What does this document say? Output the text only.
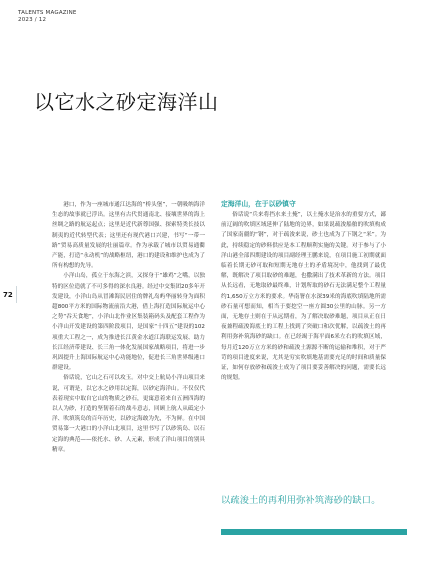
TALENTS MAGAZINE
2023 / 12
以它水之砂定海洋山
72

港口，作为一座城市通江达海的“桥头堡”，一朝吸纳海洋生态的故事就已浮出。这里有古代贯通南北、接壤世界的海上丝绸之路的航运起点；这里是近代新尊国强、探索特类长技以制夷的近代转型代表；这里还有现代港口兴建，书写“一带一路”贸易高质量发展的壮丽篇章。作为承载了城市以贸易通衢产能，打造“永动机”的战略枢纽，港口的建设和维护也成为了所有构想的先导。

小洋山岛，孤立于东海之滨，又探身于“雄鸡”之嘴，以独特的区位造就了不可多得的深水良港。经过中交集团20多年开发建设，小洋山岛从冒滩海民居住的牌礼岛屿华丽转身为面积超800平方米的国际物流前沿大港，借上海打造国际航运中心之势“吞天食地”，小洋山北作业区集装箱码头及配套工程作为小洋山开发建设的第四阶段项目，是国家“十四五”建设的102项重大工程之一，成为推进长江黄金水道江海联运发展、助力长江经济带建设、长三角一体化发展国家战略项目，将进一步巩固提升上海国际航运中心功能地位，促进长三角世界级港口群建设。

俗话说，它山之石可以攻玉。对中交上航局小洋山项目来说，可谓是，以它水之砂用以定海，以砂定海洋山。不仅仅代表着现实中取自它山的物质之砂石，更寓意着来自五洲四海的以人为砂，打造的坚韧着石的战斗意志，回顾上航人从砥定小洋、吹填筑岛的百年历史，以砂定海敢为先，不为鲜。在中国贸易第一大港口的小洋山北项目，这里书写了以砂筑岛、以石定海的典范——依托水、砂、人元素，形成了洋山项目的别具精章。

定海洋山，在于以砂镇守

俗话说“兵来将挡水来土掩”，以土掩水是治水的重要方式，鄙前辽阔的吹填区域延伸了陆地的边界，如果说疏浚船舶的吹填构成了国家南疆的“钢”，对于疏浚来说，砂土也成为了下钢之“米”。为此，持续稳定的砂料供应是本工程顺利实施的关键。对于参与了小洋山港全部四期建设的项目副经理王鹏来说，在项目施工初期就面临着长期无砂可取和短期无地存土的矛盾境况中，他找到了最优解，既解决了项目取砂的难题，也撒满出了技术革新的方法。项目从长远看，无地取砂最终难，计划所取的砂石无法满足整个工程量约1,650万立方米的要求。华南署在水深39米的海底吹填陆地所需砂石量可想而知，相当于要挖空一座方圆30公里的山脉。另一方面，无地存土则在于从远期看，为了解决取砂难题，项目从正在日夜兼程疏浚海底土的工程上找到了突破口和次优解，以疏浚土的再利用弥补筑海砂的缺口。在已经竭于海平面6米左右的吹填区域，每月近120万立方米的砂和疏浚土源源不断的运输和堆积，对于严苛的项目进度来说，尤其是穷实吹填地基需要充足的时间和质量保证，如何存放砂和疏浚土成为了项目要妥善解决的问题，需要长远的规划。

以疏浚土的再利用弥补筑海砂的缺口。
